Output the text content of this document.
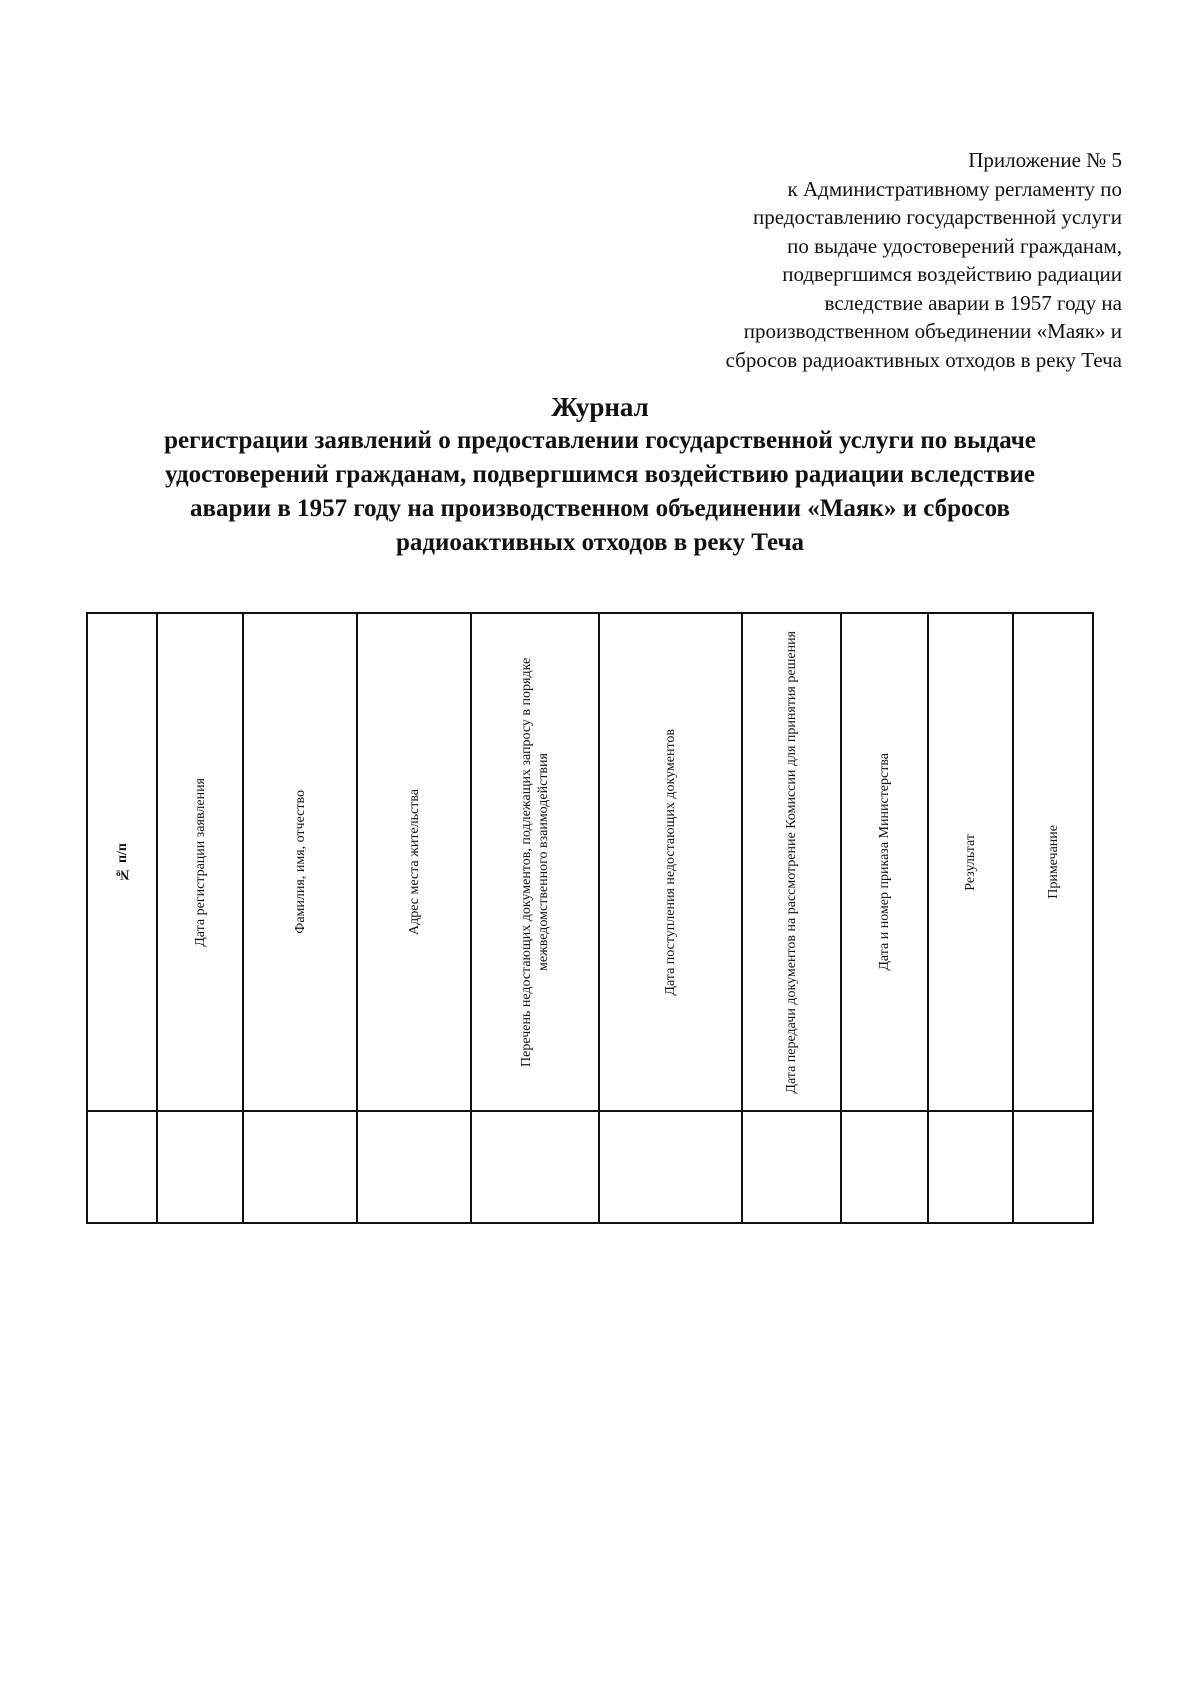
Приложение № 5
к Административному регламенту по
предоставлению государственной услуги
по выдаче удостоверений гражданам,
подвергшимся воздействию радиации
вследствие аварии в 1957 году на
производственном объединении «Маяк» и
сбросов радиоактивных отходов в реку Теча
Журнал
регистрации заявлений о предоставлении государственной услуги по выдаче
удостоверений гражданам, подвергшимся воздействию радиации вследствие
аварии в 1957 году на производственном объединении «Маяк» и сбросов
радиоактивных отходов в реку Теча
№ п/п	Дата регистрации заявления	Фамилия, имя, отчество	Адрес места жительства	Перечень недостающих документов, подлежащих запросу в порядке межведомственного взаимодействия	Дата поступления недостающих документов	Дата передачи документов на рассмотрение Комиссии для принятия решения	Дата и номер приказа Министерства	Результат	Примечание
